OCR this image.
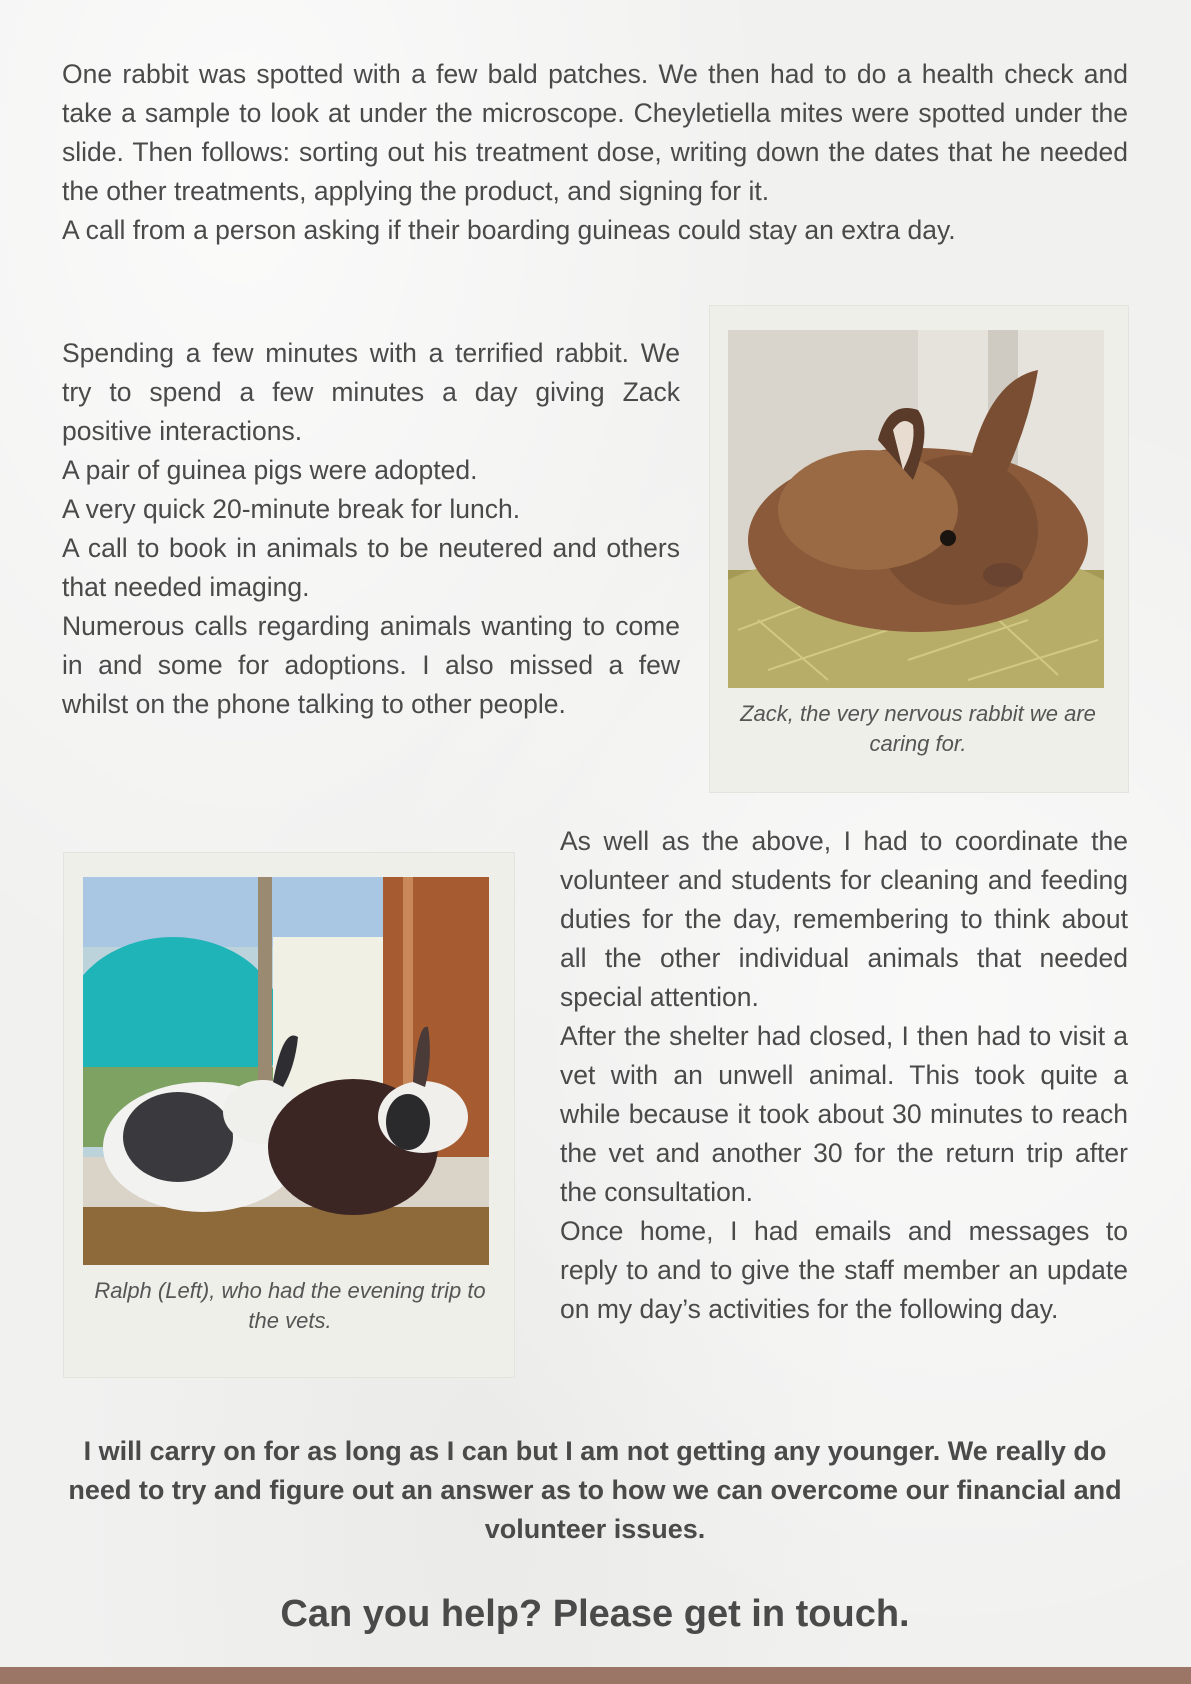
One rabbit was spotted with a few bald patches. We then had to do a health check and take a sample to look at under the microscope. Cheyletiella mites were spotted under the slide. Then follows: sorting out his treatment dose, writing down the dates that he needed the other treatments, applying the product, and signing for it.

A call from a person asking if their boarding guineas could stay an extra day.

Spending a few minutes with a terrified rabbit. We try to spend a few minutes a day giving Zack positive interactions.

A pair of guinea pigs were adopted.

A very quick 20-minute break for lunch.

A call to book in animals to be neutered and others that needed imaging.

Numerous calls regarding animals wanting to come in and some for adoptions. I also missed a few whilst on the phone talking to other people.	Zack, the very nervous rabbit we are caring for.
Ralph (Left), who had the evening trip to the vets.

As well as the above, I had to coordinate the volunteer and students for cleaning and feeding duties for the day, remembering to think about all the other individual animals that needed special attention.

After the shelter had closed, I then had to visit a vet with an unwell animal. This took quite a while because it took about 30 minutes to reach the vet and another 30 for the return trip after the consultation.

Once home, I had emails and messages to reply to and to give the staff member an update on my day’s activities for the following day.

I will carry on for as long as I can but I am not getting any younger. We really do need to try and figure out an answer as to how we can overcome our financial and volunteer issues.

Can you help? Please get in touch.
